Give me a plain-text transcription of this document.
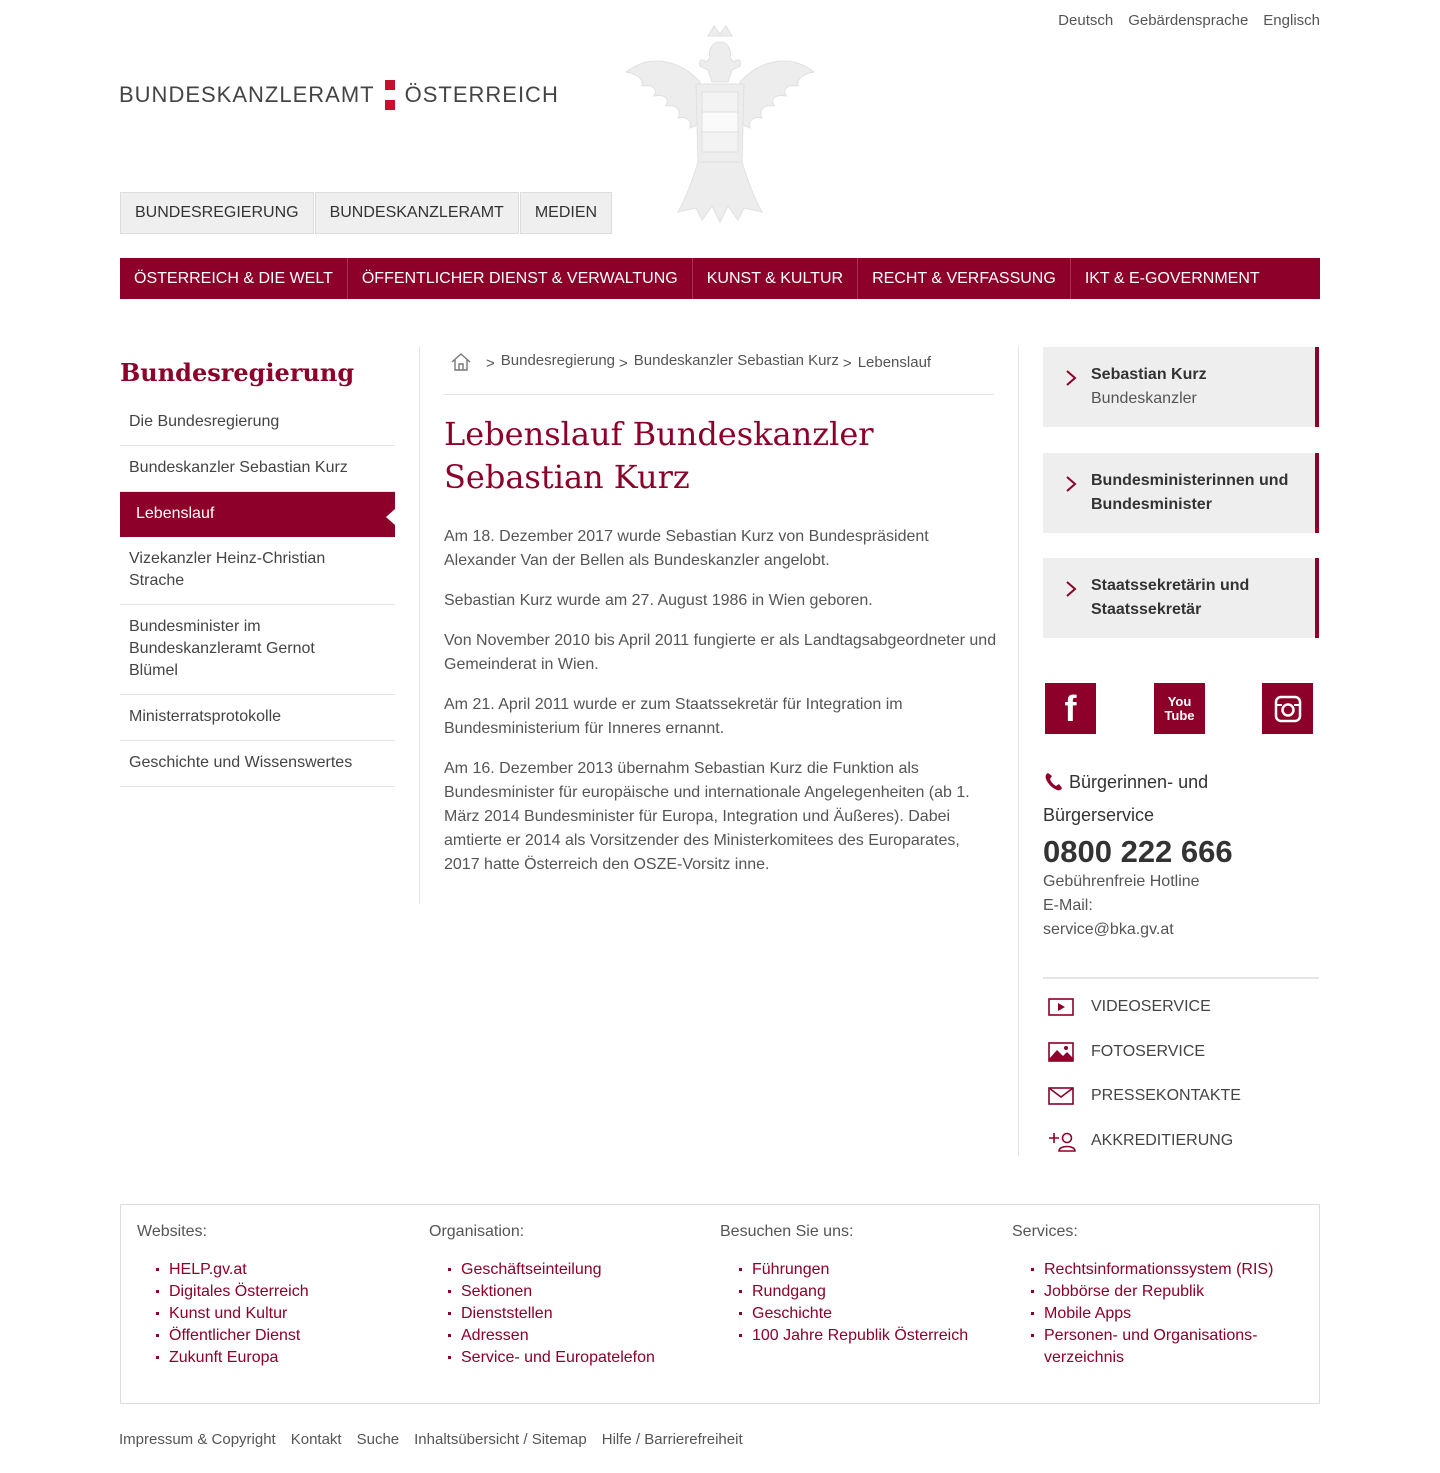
Deutsch Gebärdensprache Englisch
BUNDESKANZLERAMT ÖSTERREICH
BUNDESREGIERUNG	BUNDESKANZLERAMT	MEDIEN
ÖSTERREICH & DIE WELT	ÖFFENTLICHER DIENST & VERWALTUNG	KUNST & KULTUR	RECHT & VERFASSUNG	IKT & E-GOVERNMENT
Bundesregierung
Die Bundesregierung
Bundeskanzler Sebastian Kurz
Lebenslauf
Vizekanzler Heinz-Christian Strache
Bundesminister im Bundeskanzleramt Gernot Blümel
Ministerratsprotokolle
Geschichte und Wissenswertes
> Bundesregierung > Bundeskanzler Sebastian Kurz > Lebenslauf
Lebenslauf Bundeskanzler Sebastian Kurz

Am 18. Dezember 2017 wurde Sebastian Kurz von Bundespräsident Alexander Van der Bellen als Bundeskanzler angelobt.

Sebastian Kurz wurde am 27. August 1986 in Wien geboren.

Von November 2010 bis April 2011 fungierte er als Landtagsabgeordneter und Gemeinderat in Wien.

Am 21. April 2011 wurde er zum Staatssekretär für Integration im Bundesministerium für Inneres ernannt.

Am 16. Dezember 2013 übernahm Sebastian Kurz die Funktion als Bundesminister für europäische und internationale Angelegenheiten (ab 1. März 2014 Bundesminister für Europa, Integration und Äußeres). Dabei amtierte er 2014 als Vorsitzender des Ministerkomitees des Europarates, 2017 hatte Österreich den OSZE-Vorsitz inne.

Sebastian Kurz
Bundeskanzler
Bundesministerinnen und Bundesminister
Staatssekretärin und Staatssekretär
f	You
Tube
Bürgerinnen- und Bürgerservice
0800 222 666
Gebührenfreie Hotline
E-Mail:
service@bka.gv.at
VIDEOSERVICE
FOTOSERVICE
PRESSEKONTAKTE
AKKREDITIERUNG
Websites:
HELP.gv.at
Digitales Österreich
Kunst und Kultur
Öffentlicher Dienst
Zukunft Europa
Organisation:
Geschäftseinteilung
Sektionen
Dienststellen
Adressen
Service- und Europatelefon
Besuchen Sie uns:
Führungen
Rundgang
Geschichte
100 Jahre Republik Österreich
Services:
Rechtsinformationssystem (RIS)
Jobbörse der Republik
Mobile Apps
Personen- und Organisations-verzeichnis
Impressum & Copyright Kontakt Suche Inhaltsübersicht / Sitemap Hilfe / Barrierefreiheit
